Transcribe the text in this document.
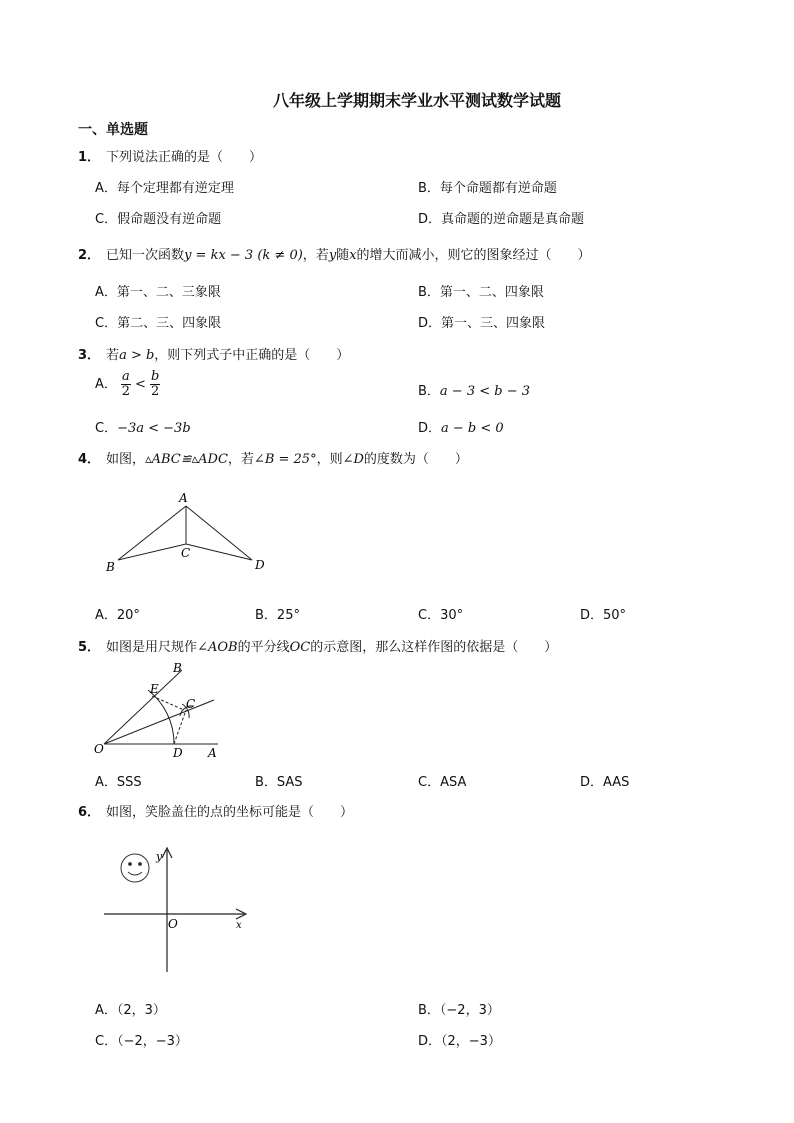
八年级上学期期末学业水平测试数学试题
一、单选题
1． 下列说法正确的是（　　）
A．每个定理都有逆定理	B．每个命题都有逆命题
C．假命题没有逆命题	D．真命题的逆命题是真命题
2． 已知一次函数y = kx − 3 (k ≠ 0)，若y随x的增大而减小，则它的图象经过（　　）
A．第一、二、三象限	B．第一、二、四象限
C．第二、三、四象限	D．第一、三、四象限
3． 若a > b，则下列式子中正确的是（　　）
A． $\frac{a}{2} < \frac{b}{2}$	B．a − 3 < b − 3
C．−3a < −3b	D．a − b < 0
4． 如图，▵ABC≌▵ADC，若∠B = 25°，则∠D的度数为（　　）
A
B
C
D
A．20°	B．25°	C．30°	D．50°
5． 如图是用尺规作∠AOB的平分线OC的示意图，那么这样作图的依据是（　　）
B
E
C
O	D A
A．SSS	B．SAS	C．ASA	D．AAS
6． 如图，笑脸盖住的点的坐标可能是（　　）
y
O	x
A．（2，3）	B．（−2，3）
C．（−2，−3）	D．（2，−3）
